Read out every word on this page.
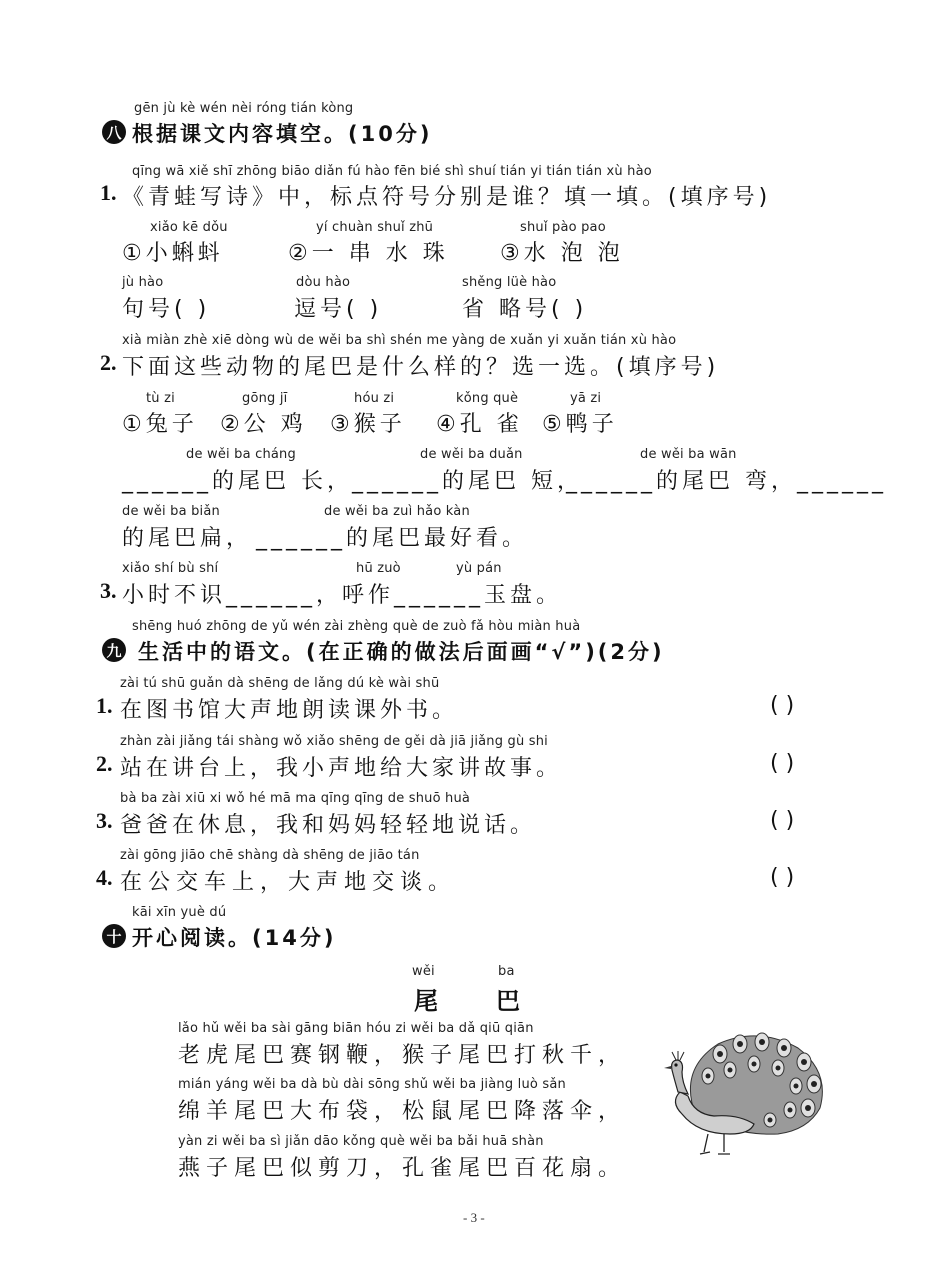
gēn jù kè wén nèi róng tián kòng
八 根据课文内容填空。(10分)
qīng wā xiě shī zhōng biāo diǎn fú hào fēn bié shì shuí tián yi tián tián xù hào
1. 《青蛙写诗》中，标点符号分别是谁？填一填。(填序号)
xiǎo kē dǒu	yí chuàn shuǐ zhū	shuǐ pào pao
①小蝌蚪	②一 串 水 珠 ③水 泡 泡
jù hào	dòu hào	shěng lüè hào
句号( )	逗号( )	省 略号( )
xià miàn zhè xiē dòng wù de wěi ba shì shén me yàng de xuǎn yi xuǎn tián xù hào
2. 下面这些动物的尾巴是什么样的？选一选。(填序号)
tù zi	gōng jī	hóu zi	kǒng què	yā zi
①兔子 ②公 鸡 ③猴子 ④孔 雀 ⑤鸭子
de wěi ba cháng	de wěi ba duǎn	de wěi ba wān
______的尾巴 长， ______的尾巴 短，
______的尾巴 弯，______
de wěi ba biǎn	de wěi ba zuì hǎo kàn
的尾巴扁， ______的尾巴最好看。
xiǎo shí bù shí	hū zuò	yù pán
3. 小时不识______，呼作______玉盘。
shēng huó zhōng de yǔ wén zài zhèng què de zuò fǎ hòu miàn huà
九 生活中的语文。(在正确的做法后面画“√”)(2分)
zài tú shū guǎn dà shēng de lǎng dú kè wài shū
1. 在图书馆大声地朗读课外书。	( )
zhàn zài jiǎng tái shàng wǒ xiǎo shēng de gěi dà jiā jiǎng gù shi
2. 站在讲台上，我小声地给大家讲故事。	( )
bà ba zài xiū xi wǒ hé mā ma qīng qīng de shuō huà
3. 爸爸在休息，我和妈妈轻轻地说话。	( )
zài gōng jiāo chē shàng dà shēng de jiāo tán
4. 在公交车上，大声地交谈。	( )
kāi xīn yuè dú
十 开心阅读。(14分)
wěi	ba
尾 巴
lǎo hǔ wěi ba sài gāng biān hóu zi wěi ba dǎ qiū qiān
老虎尾巴赛钢鞭，猴子尾巴打秋千，
mián yáng wěi ba dà bù dài sōng shǔ wěi ba jiàng luò sǎn
绵羊尾巴大布袋，松鼠尾巴降落伞，
yàn zi wěi ba sì jiǎn dāo kǒng què wěi ba bǎi huā shàn
燕子尾巴似剪刀，孔雀尾巴百花扇。
- 3 -
